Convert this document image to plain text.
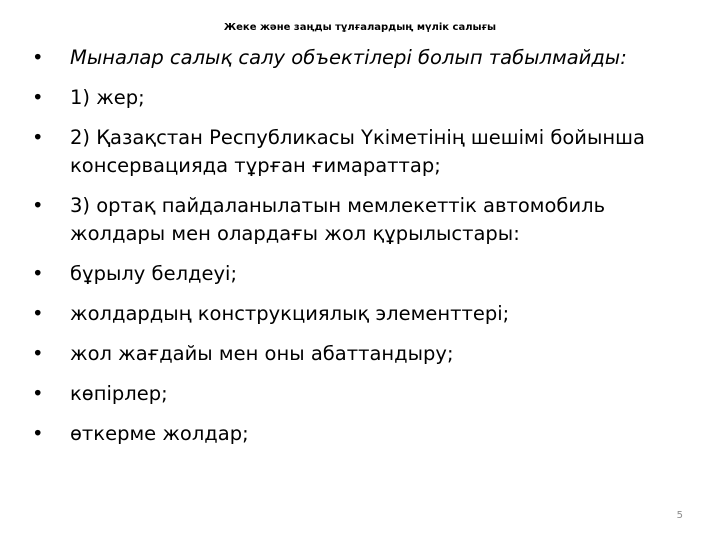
Жеке және заңды тұлғалардың мүлік салығы
• Мыналар салық салу объектілері болып табылмайды:
• 1) жер;
• 2) Қазақстан Республикасы Үкіметінің шешімі бойынша консервацияда тұрған ғимараттар;
• 3) ортақ пайдаланылатын мемлекеттік автомобиль жолдары мен олардағы жол құрылыстары:
• бұрылу белдеуі;
• жолдардың конструкциялық элементтері;
• жол жағдайы мен оны абаттандыру;
• көпірлер;
• өткерме жолдар;
5
